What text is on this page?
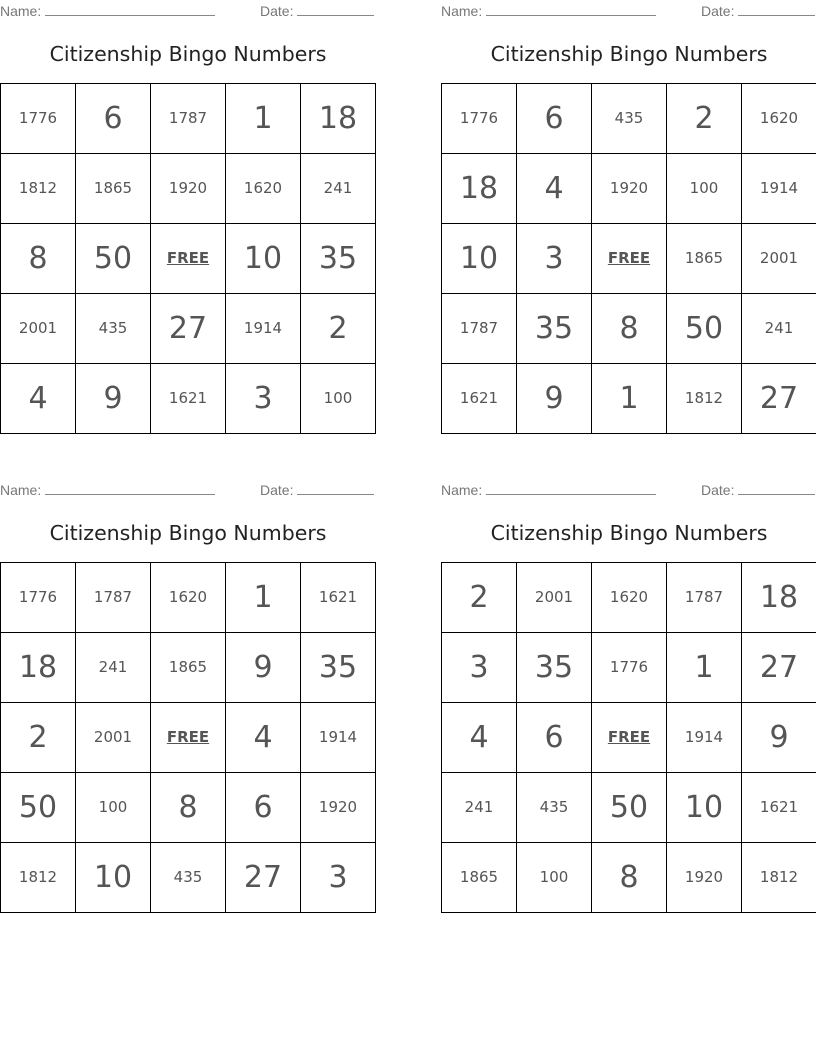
Name:	Date:
Citizenship Bingo Numbers
1776	6	1787	1	18
1812	1865	1920	1620	241
8	50	FREE	10	35
2001	435	27	1914	2
4	9	1621	3	100
Name:	Date:
Citizenship Bingo Numbers
1776	6	435	2	1620
18	4	1920	100	1914
10	3	FREE	1865	2001
1787	35	8	50	241
1621	9	1	1812	27
Name:	Date:
Citizenship Bingo Numbers
1776	1787	1620	1	1621
18	241	1865	9	35
2	2001	FREE	4	1914
50	100	8	6	1920
1812	10	435	27	3
Name:	Date:
Citizenship Bingo Numbers
2	2001	1620	1787	18
3	35	1776	1	27
4	6	FREE	1914	9
241	435	50	10	1621
1865	100	8	1920	1812
